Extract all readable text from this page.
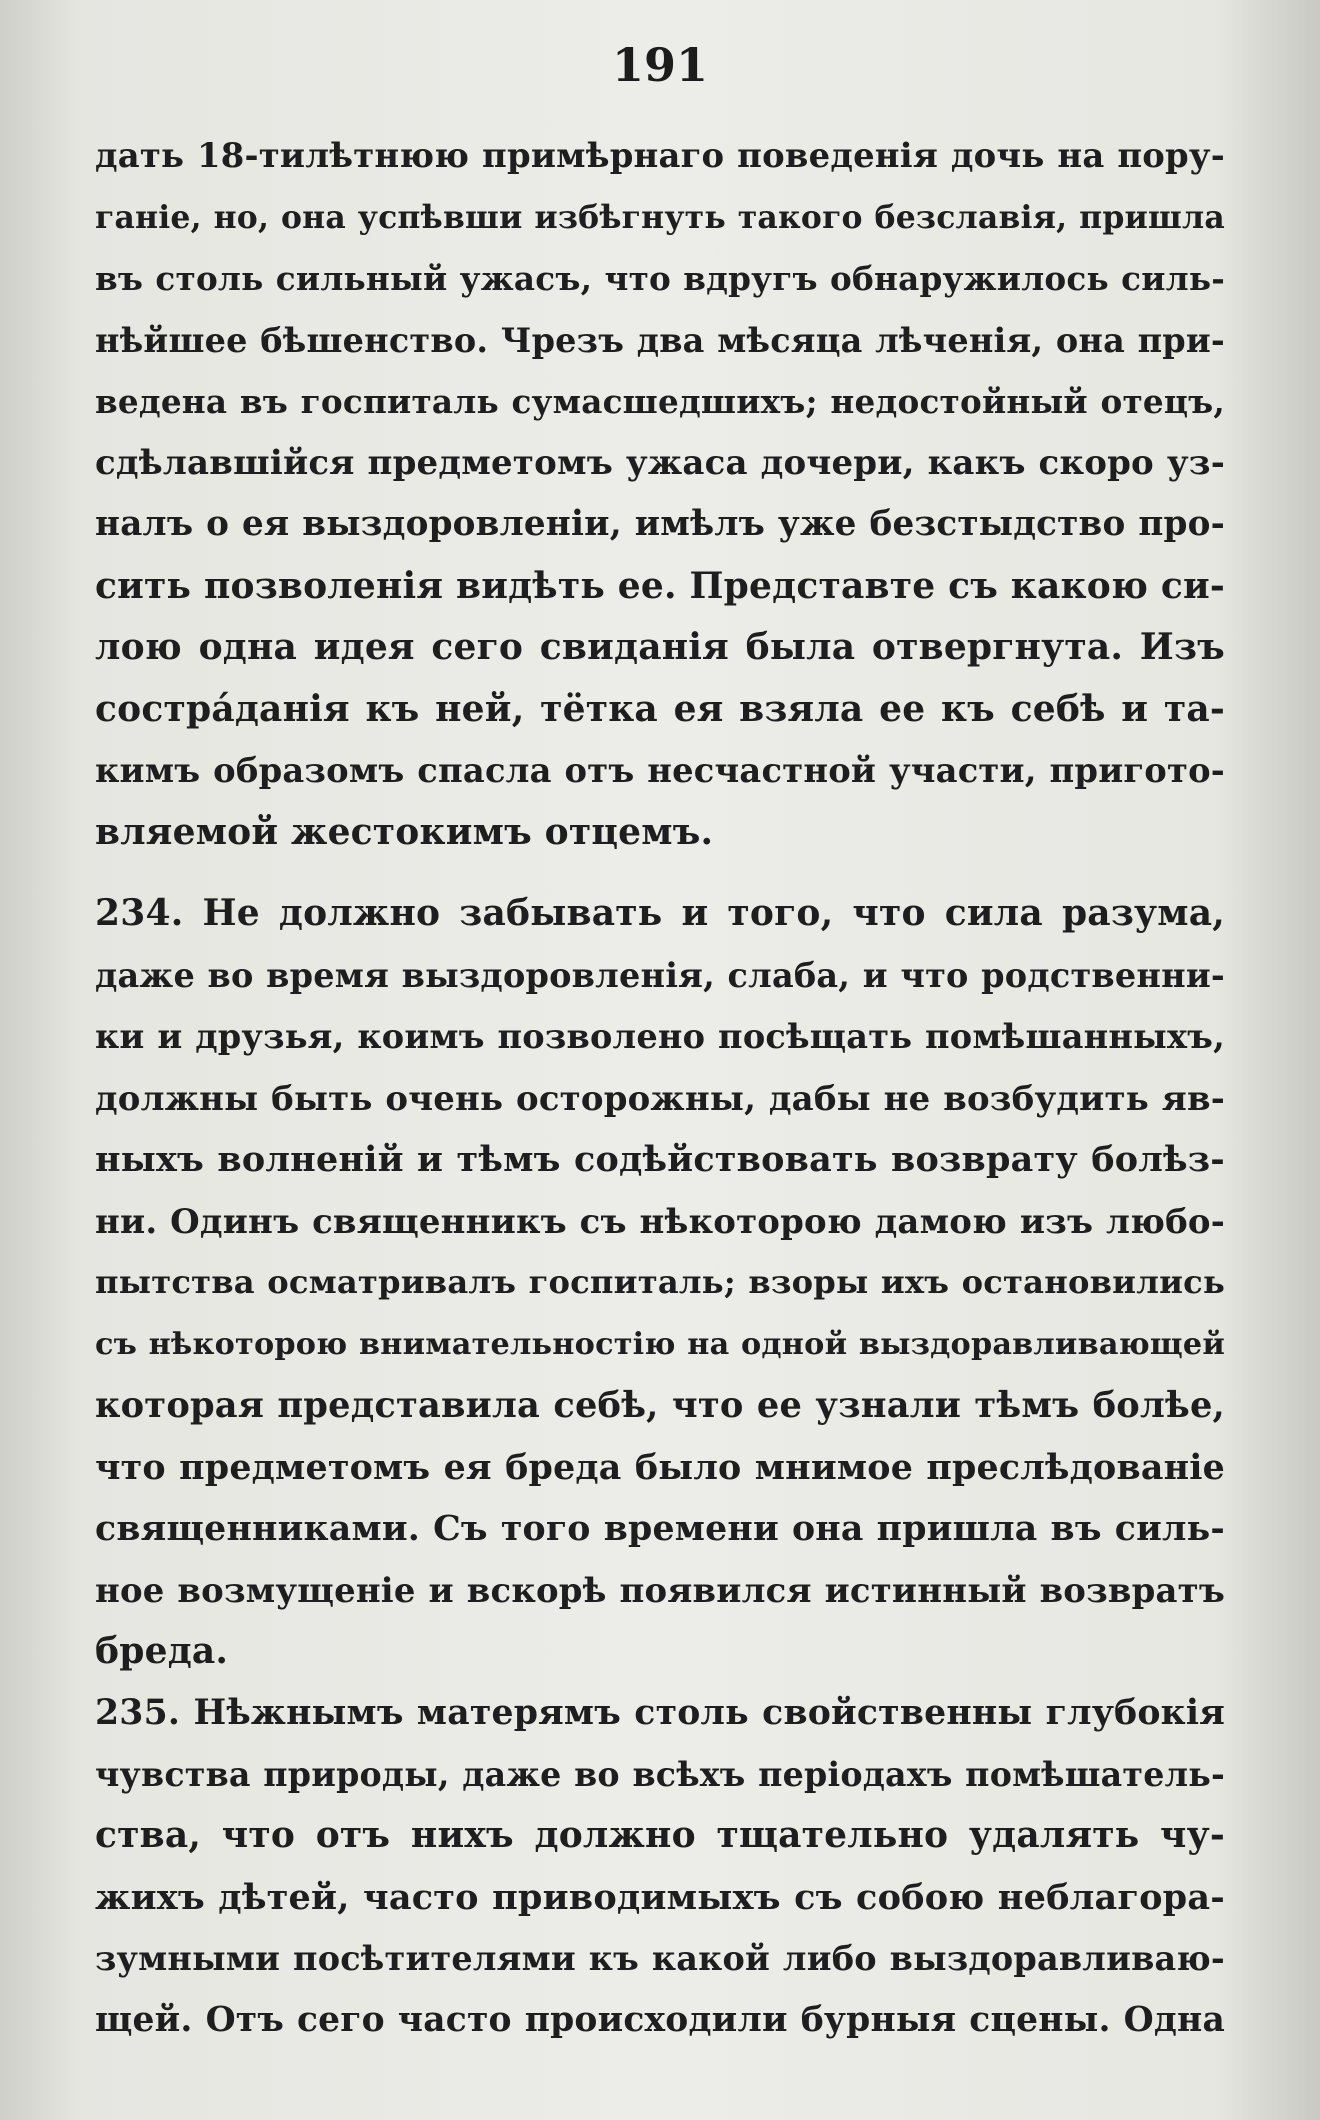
191
дать 18-тилѣтнюю примѣрнаго поведенія дочь на пору-
ганіе, но, она успѣвши избѣгнуть такого безславія, пришла
въ столь сильный ужасъ, что вдругъ обнаружилось силь-
нѣйшее бѣшенство. Чрезъ два мѣсяца лѣченія, она при-
ведена въ госпиталь сумасшедшихъ; недостойный отецъ,
сдѣлавшійся предметомъ ужаса дочери, какъ скоро уз-
налъ о ея выздоровленіи, имѣлъ уже безстыдство про-
сить позволенія видѣть ее. Представте съ какою си-
лою одна идея сего свиданія была отвергнута. Изъ
сострáданія къ ней, тётка ея взяла ее къ себѣ и та-
кимъ образомъ спасла отъ несчастной участи, пригото-
вляемой жестокимъ отцемъ.
234. Не должно забывать и того, что сила разума,
даже во время выздоровленія, слаба, и что родственни-
ки и друзья, коимъ позволено посѣщать помѣшанныхъ,
должны быть очень осторожны, дабы не возбудить яв-
ныхъ волненій и тѣмъ содѣйствовать возврату болѣз-
ни. Одинъ священникъ съ нѣкоторою дамою изъ любо-
пытства осматривалъ госпиталь; взоры ихъ остановились
съ нѣкоторою внимательностію на одной выздоравливающей
которая представила себѣ, что ее узнали тѣмъ болѣе,
что предметомъ ея бреда было мнимое преслѣдованіе
священниками. Съ того времени она пришла въ силь-
ное возмущеніе и вскорѣ появился истинный возвратъ
бреда.
235. Нѣжнымъ матерямъ столь свойственны глубокія
чувства природы, даже во всѣхъ періодахъ помѣшатель-
ства, что отъ нихъ должно тщательно удалять чу-
жихъ дѣтей, часто приводимыхъ съ собою неблагора-
зумными посѣтителями къ какой либо выздоравливаю-
щей. Отъ сего часто происходили бурныя сцены. Одна
